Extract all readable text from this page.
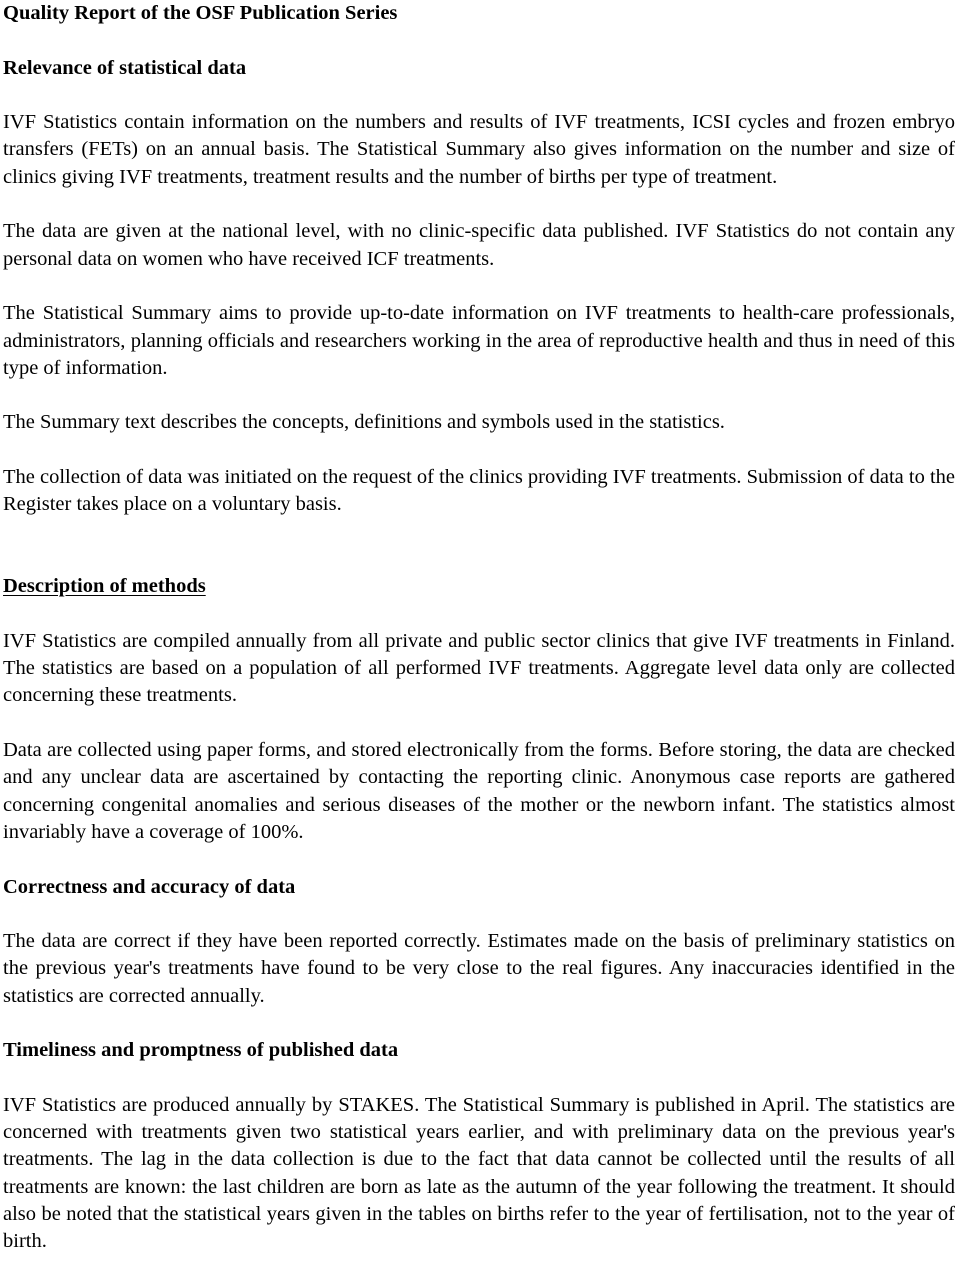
Quality Report of the OSF Publication Series

Relevance of statistical data

IVF Statistics contain information on the numbers and results of IVF treatments, ICSI cycles and frozen embryo transfers (FETs) on an annual basis. The Statistical Summary also gives information on the number and size of clinics giving IVF treatments, treatment results and the number of births per type of treatment.

The data are given at the national level, with no clinic-specific data published. IVF Statistics do not contain any personal data on women who have received ICF treatments.

The Statistical Summary aims to provide up-to-date information on IVF treatments to health-care professionals, administrators, planning officials and researchers working in the area of reproductive health and thus in need of this type of information.

The Summary text describes the concepts, definitions and symbols used in the statistics.

The collection of data was initiated on the request of the clinics providing IVF treatments. Submission of data to the Register takes place on a voluntary basis.

Description of methods

IVF Statistics are compiled annually from all private and public sector clinics that give IVF treatments in Finland. The statistics are based on a population of all performed IVF treatments. Aggregate level data only are collected concerning these treatments.

Data are collected using paper forms, and stored electronically from the forms. Before storing, the data are checked and any unclear data are ascertained by contacting the reporting clinic. Anonymous case reports are gathered concerning congenital anomalies and serious diseases of the mother or the newborn infant. The statistics almost invariably have a coverage of 100%.

Correctness and accuracy of data

The data are correct if they have been reported correctly. Estimates made on the basis of preliminary statistics on the previous year's treatments have found to be very close to the real figures. Any inaccuracies identified in the statistics are corrected annually.

Timeliness and promptness of published data

IVF Statistics are produced annually by STAKES. The Statistical Summary is published in April. The statistics are concerned with treatments given two statistical years earlier, and with preliminary data on the previous year's treatments. The lag in the data collection is due to the fact that data cannot be collected until the results of all treatments are known: the last children are born as late as the autumn of the year following the treatment. It should also be noted that the statistical years given in the tables on births refer to the year of fertilisation, not to the year of birth.
